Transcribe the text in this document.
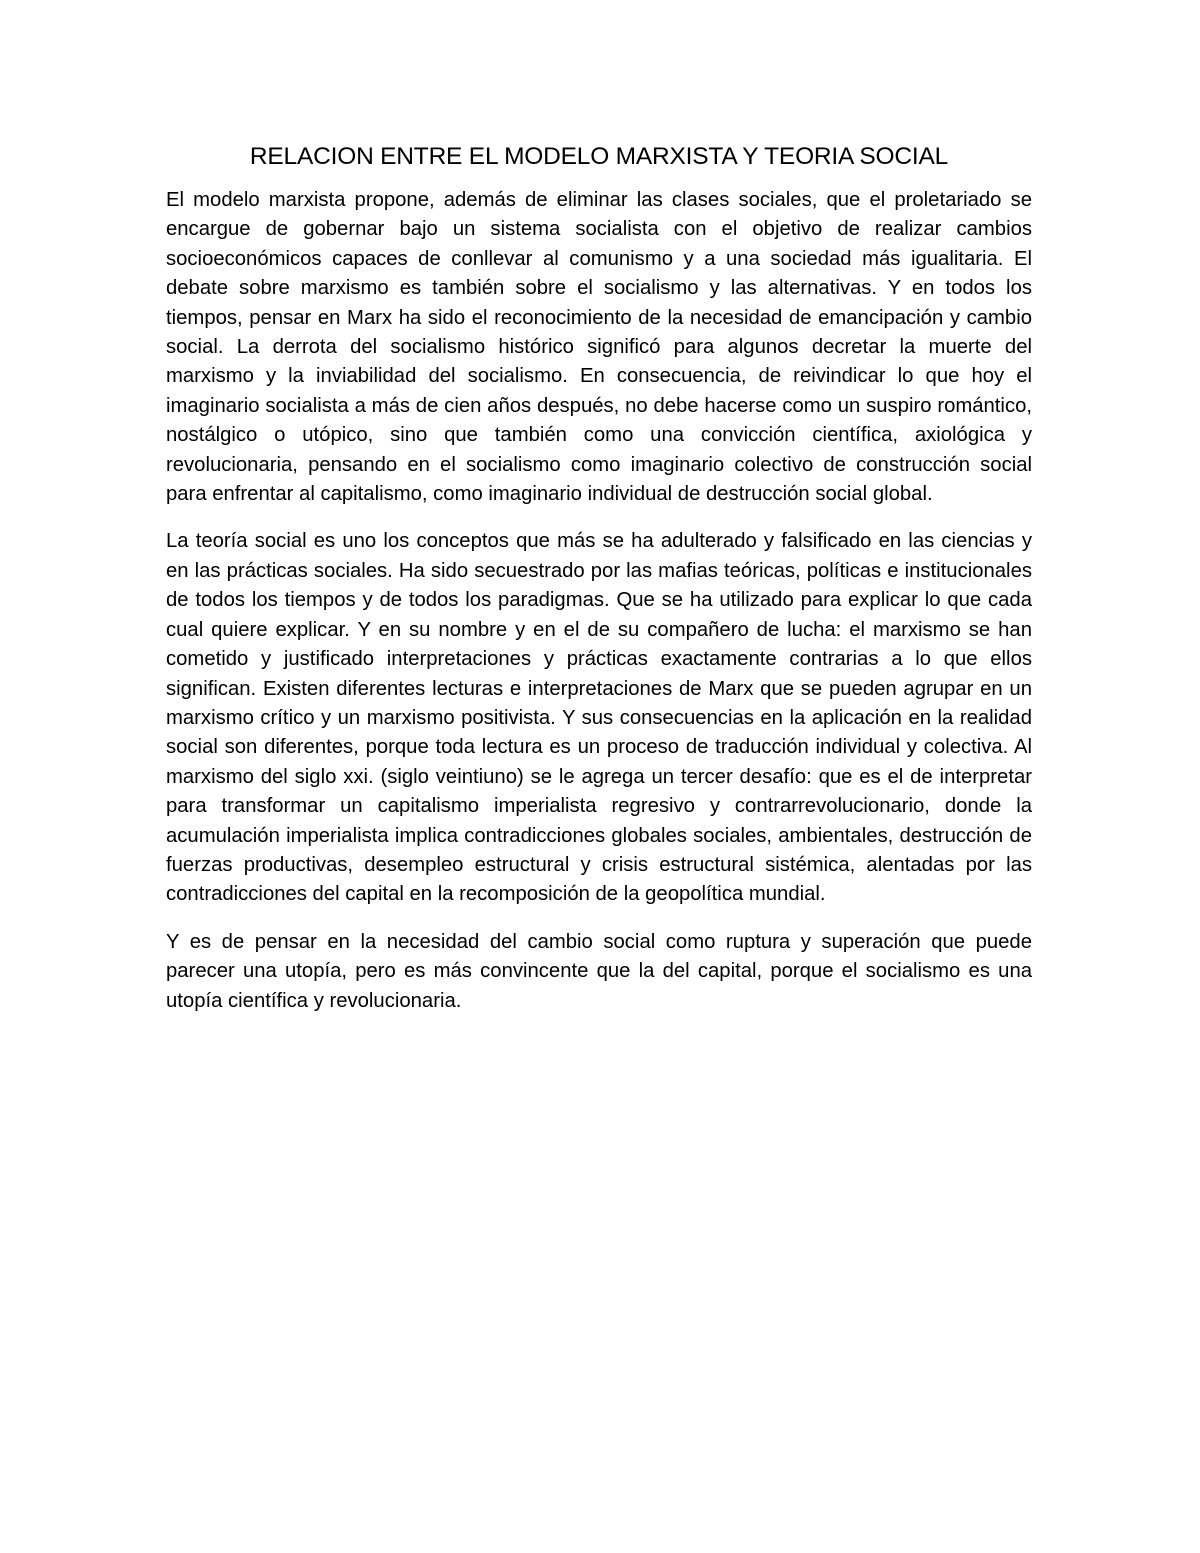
RELACION ENTRE EL MODELO MARXISTA Y TEORIA SOCIAL

El modelo marxista propone, además de eliminar las clases sociales, que el proletariado se encargue de gobernar bajo un sistema socialista con el objetivo de realizar cambios socioeconómicos capaces de conllevar al comunismo y a una sociedad más igualitaria. El debate sobre marxismo es también sobre el socialismo y las alternativas. Y en todos los tiempos, pensar en Marx ha sido el reconocimiento de la necesidad de emancipación y cambio social. La derrota del socialismo histórico significó para algunos decretar la muerte del marxismo y la inviabilidad del socialismo. En consecuencia, de reivindicar lo que hoy el imaginario socialista a más de cien años después, no debe hacerse como un suspiro romántico, nostálgico o utópico, sino que también como una convicción científica, axiológica y revolucionaria, pensando en el socialismo como imaginario colectivo de construcción social para enfrentar al capitalismo, como imaginario individual de destrucción social global.

La teoría social es uno los conceptos que más se ha adulterado y falsificado en las ciencias y en las prácticas sociales. Ha sido secuestrado por las mafias teóricas, políticas e institucionales de todos los tiempos y de todos los paradigmas. Que se ha utilizado para explicar lo que cada cual quiere explicar. Y en su nombre y en el de su compañero de lucha: el marxismo se han cometido y justificado interpretaciones y prácticas exactamente contrarias a lo que ellos significan. Existen diferentes lecturas e interpretaciones de Marx que se pueden agrupar en un marxismo crítico y un marxismo positivista. Y sus consecuencias en la aplicación en la realidad social son diferentes, porque toda lectura es un proceso de traducción individual y colectiva. Al marxismo del siglo xxi. (siglo veintiuno) se le agrega un tercer desafío: que es el de interpretar para transformar un capitalismo imperialista regresivo y contrarrevolucionario, donde la acumulación imperialista implica contradicciones globales sociales, ambientales, destrucción de fuerzas productivas, desempleo estructural y crisis estructural sistémica, alentadas por las contradicciones del capital en la recomposición de la geopolítica mundial.

Y es de pensar en la necesidad del cambio social como ruptura y superación que puede parecer una utopía, pero es más convincente que la del capital, porque el socialismo es una utopía científica y revolucionaria.
